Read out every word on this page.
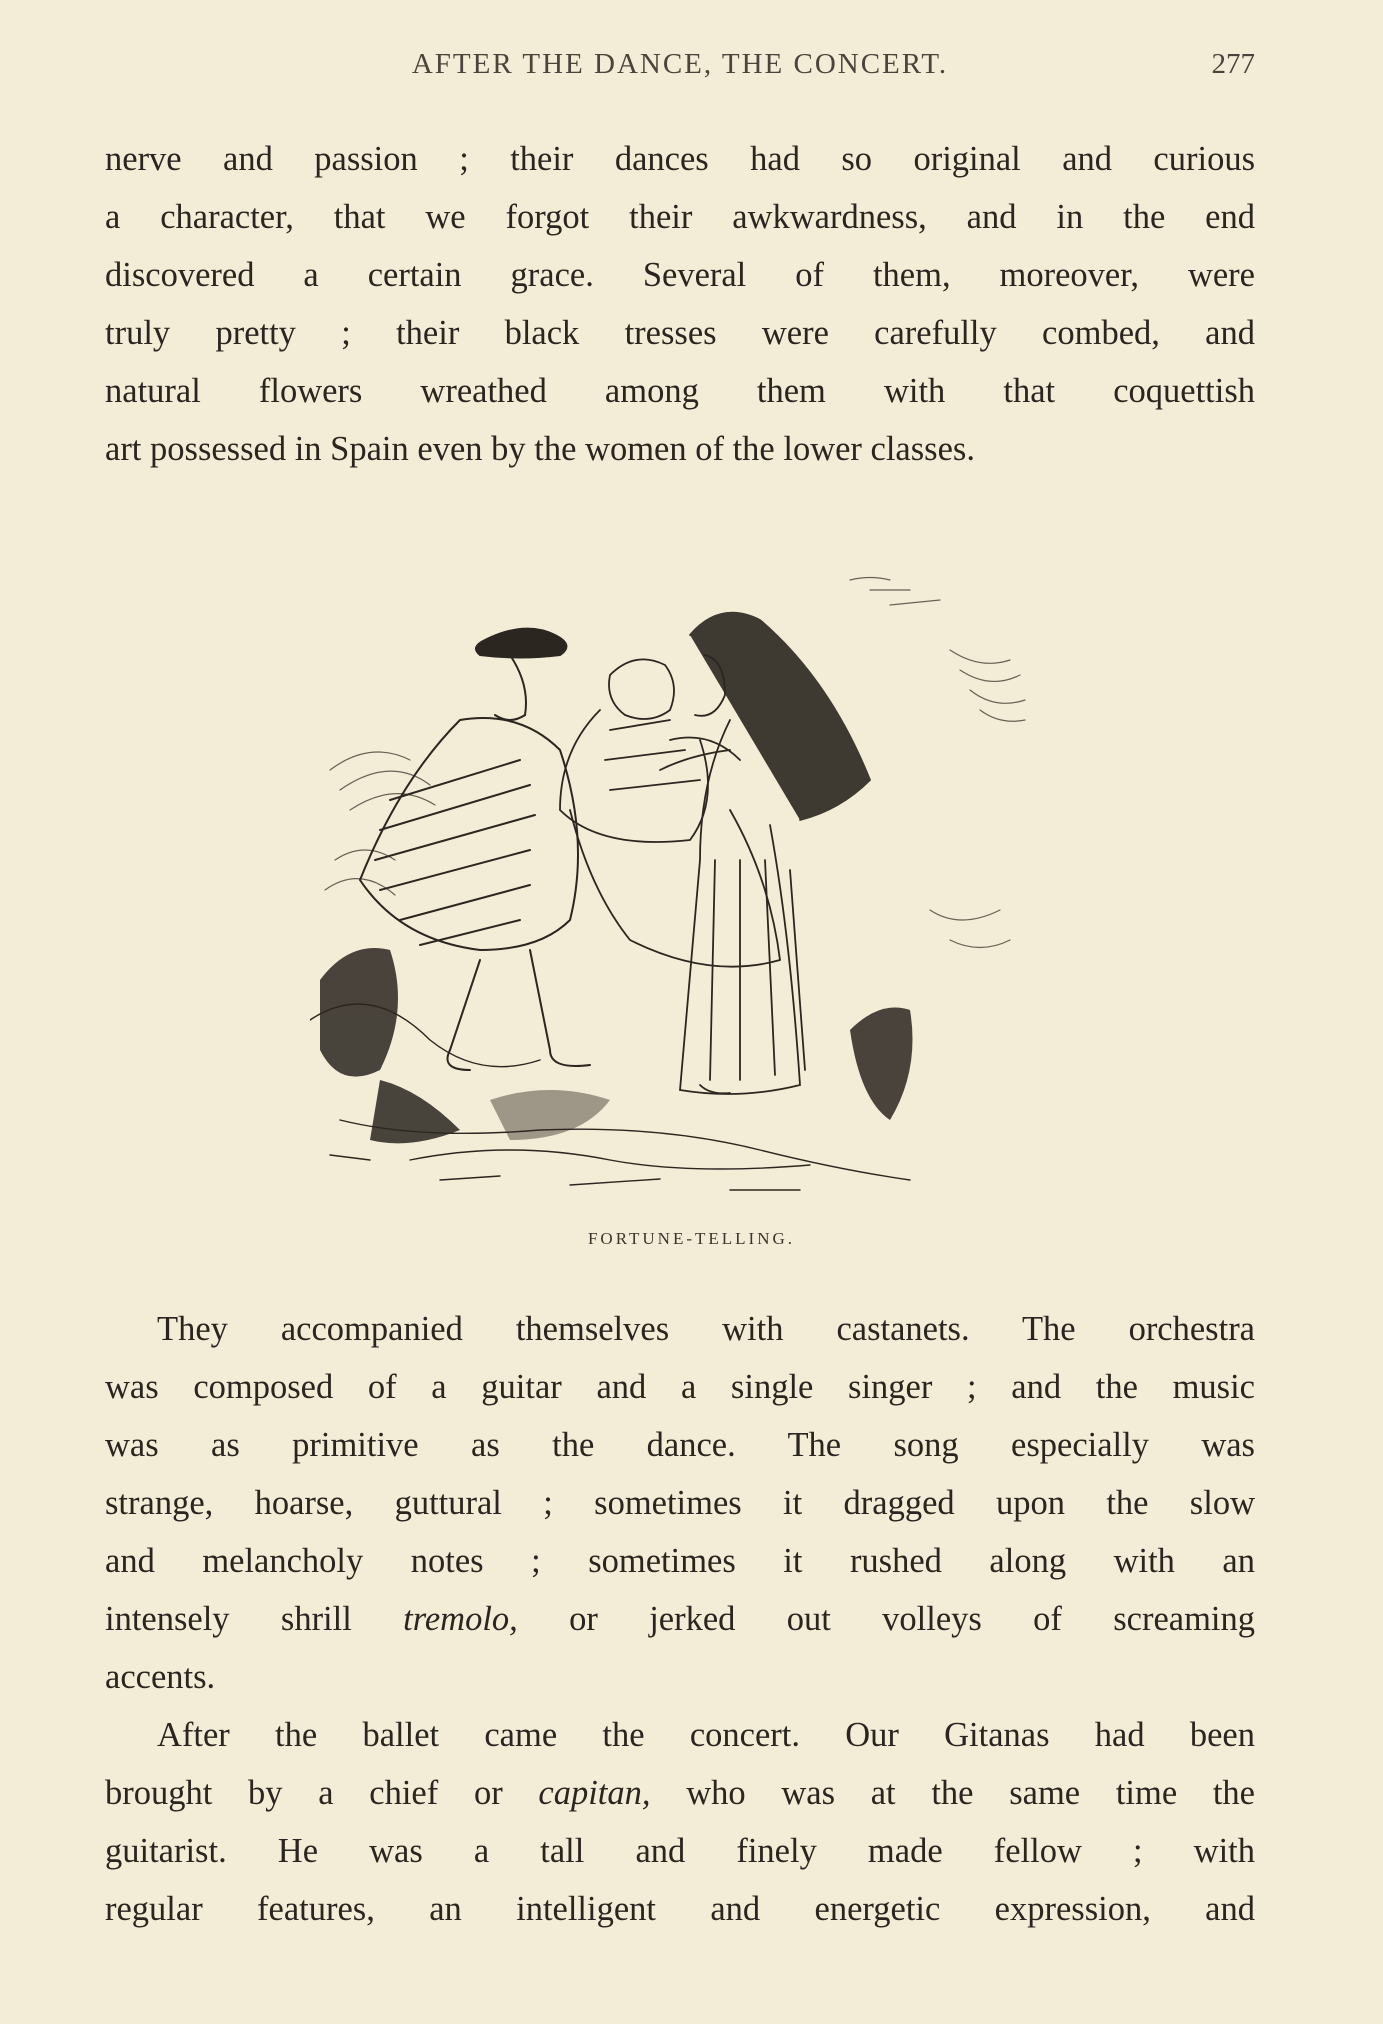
AFTER THE DANCE, THE CONCERT.	277
nerve and passion ; their dances had so original and curious
a character, that we forgot their awkwardness, and in the end
discovered a certain grace. Several of them, moreover, were
truly pretty ; their black tresses were carefully combed, and
natural flowers wreathed among them with that coquettish
art possessed in Spain even by the women of the lower classes.
FORTUNE-TELLING.
They accompanied themselves with castanets. The orchestra
was composed of a guitar and a single singer ; and the music
was as primitive as the dance. The song especially was
strange, hoarse, guttural ; sometimes it dragged upon the slow
and melancholy notes ; sometimes it rushed along with an
intensely shrill tremolo, or jerked out volleys of screaming
accents.
After the ballet came the concert. Our Gitanas had been
brought by a chief or capitan, who was at the same time the
guitarist. He was a tall and finely made fellow ; with
regular features, an intelligent and energetic expression, and
